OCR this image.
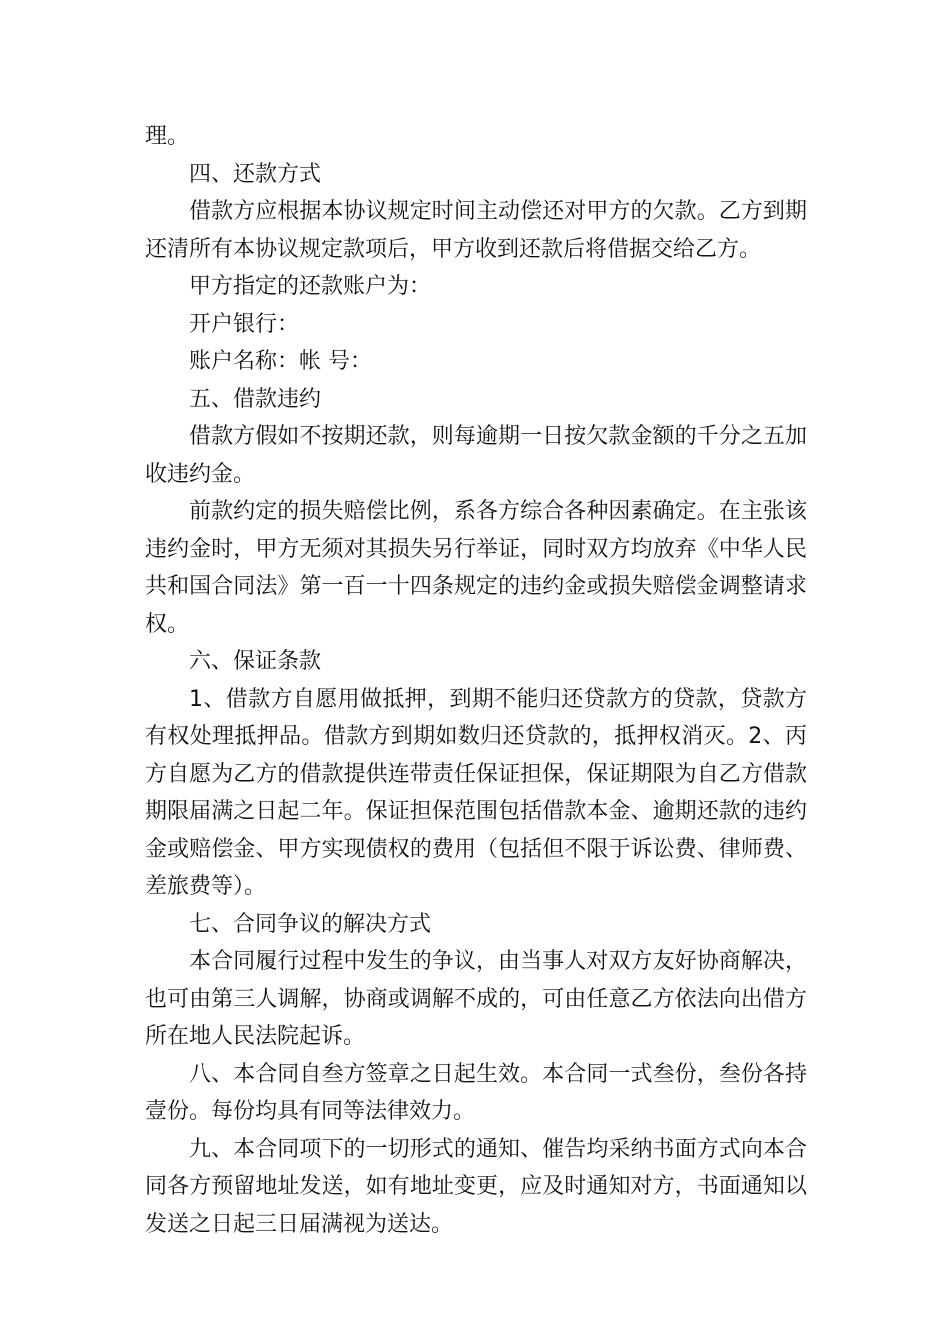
理。

四、还款方式

借款方应根据本协议规定时间主动偿还对甲方的欠款。乙方到期还清所有本协议规定款项后，甲方收到还款后将借据交给乙方。

甲方指定的还款账户为：

开户银行：

账户名称：帐 号：

五、借款违约

借款方假如不按期还款，则每逾期一日按欠款金额的千分之五加收违约金。

前款约定的损失赔偿比例，系各方综合各种因素确定。在主张该违约金时，甲方无须对其损失另行举证，同时双方均放弃《中华人民共和国合同法》第一百一十四条规定的违约金或损失赔偿金调整请求权。

六、保证条款

1、借款方自愿用做抵押，到期不能归还贷款方的贷款，贷款方有权处理抵押品。借款方到期如数归还贷款的，抵押权消灭。2、丙方自愿为乙方的借款提供连带责任保证担保，保证期限为自乙方借款期限届满之日起二年。保证担保范围包括借款本金、逾期还款的违约金或赔偿金、甲方实现债权的费用（包括但不限于诉讼费、律师费、差旅费等）。

七、合同争议的解决方式

本合同履行过程中发生的争议，由当事人对双方友好协商解决，也可由第三人调解，协商或调解不成的，可由任意乙方依法向出借方所在地人民法院起诉。

八、本合同自叁方签章之日起生效。本合同一式叁份，叁份各持壹份。每份均具有同等法律效力。

九、本合同项下的一切形式的通知、催告均采纳书面方式向本合同各方预留地址发送，如有地址变更，应及时通知对方，书面通知以发送之日起三日届满视为送达。
